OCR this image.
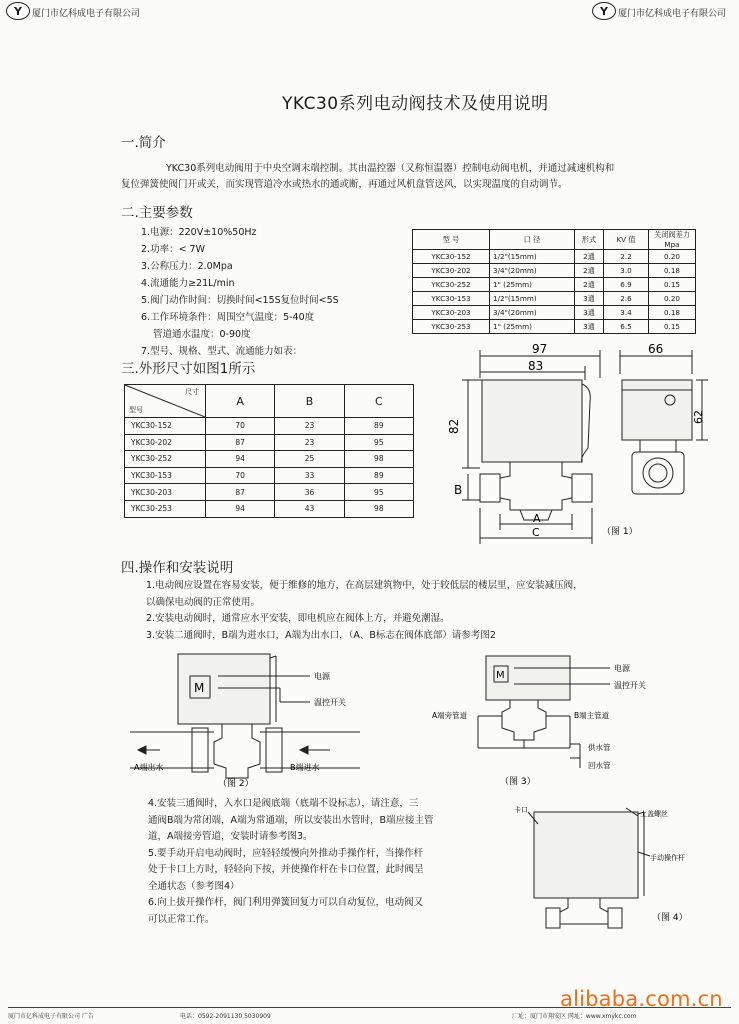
Y	厦门市亿科成电子有限公司	Y	厦门市亿科成电子有限公司
YKC30系列电动阀技术及使用说明
一.简介
YKC30系列电动阀用于中央空调末端控制。其由温控器（又称恒温器）控制电动阀电机，并通过减速机构和
复位弹簧使阀门开或关，而实现管道冷水或热水的通或断，再通过风机盘管送风，以实现温度的自动调节。
二.主要参数
1.电源：220V±10%50Hz
2.功率：< 7W
3.公称压力：2.0Mpa
4.流通能力≥21L/min
5.阀门动作时间：切换时间<15S复位时间<5S
6.工作环境条件：周围空气温度：5-40度
管道通水温度：0-90度
7.型号、规格、型式、流通能力如表：
型 号	口 径	形式	KV 值	关闭阀差力Mpa
YKC30-152	1/2"(15mm)	2通	2.2	0.20
YKC30-202	3/4"(20mm)	2通	3.0	0.18
YKC30-252	1" (25mm)	2通	6.9	0.15
YKC30-153	1/2"(15mm)	3通	2.6	0.20
YKC30-203	3/4"(20mm)	3通	3.4	0.18
YKC30-253	1" (25mm)	3通	6.5	0.15
三.外形尺寸如图1所示
尺寸
型号	A	B	C
YKC30-152	70	23	89
YKC30-202	87	23	95
YKC30-252	94	25	98
YKC30-153	70	33	89
YKC30-203	87	36	95
YKC30-253	94	43	98
97
83
66
62
82
B
A
C	（图 1）
四.操作和安装说明
1.电动阀应设置在容易安装，便于维修的地方，在高层建筑物中，处于较低层的楼层里，应安装减压阀，
以确保电动阀的正常使用。
2.安装电动阀时，通常应水平安装，即电机应在阀体上方，并避免潮湿。
3.安装二通阀时，B端为进水口，A端为出水口，（A、B标志在阀体底部）请参考图2
M
电源
温控开关
A端出水	B端进水
（图 2）
M
电源
温控开关
A端旁管道	B端主管道
供水管
回水管
（图 3）
4.安装三通阀时，入水口是阀底端（底端不设标志），请注意，三
通阀B端为常闭端，A端为常通端，所以安装出水管时，B端应接主管
道，A端接旁管道，安装时请参考图3。
5.要手动开启电动阀时，应轻轻缓慢向外推动手操作杆，当操作杆
处于卡口上方时，轻轻向下按，并使操作杆在卡口位置，此时阀呈
全通状态（参考图4）
6.向上拔开操作杆，阀门利用弹簧回复力可以自动复位，电动阀又
可以正常工作。
卡口	上盖螺丝
手动操作杆
（图 4）
厦门市亿科成电子有限公司 广告	电话：0592-2091130 5030909	厂址：厦门市翔安区 网址：www.xmykc.com
alibaba.com.cn
